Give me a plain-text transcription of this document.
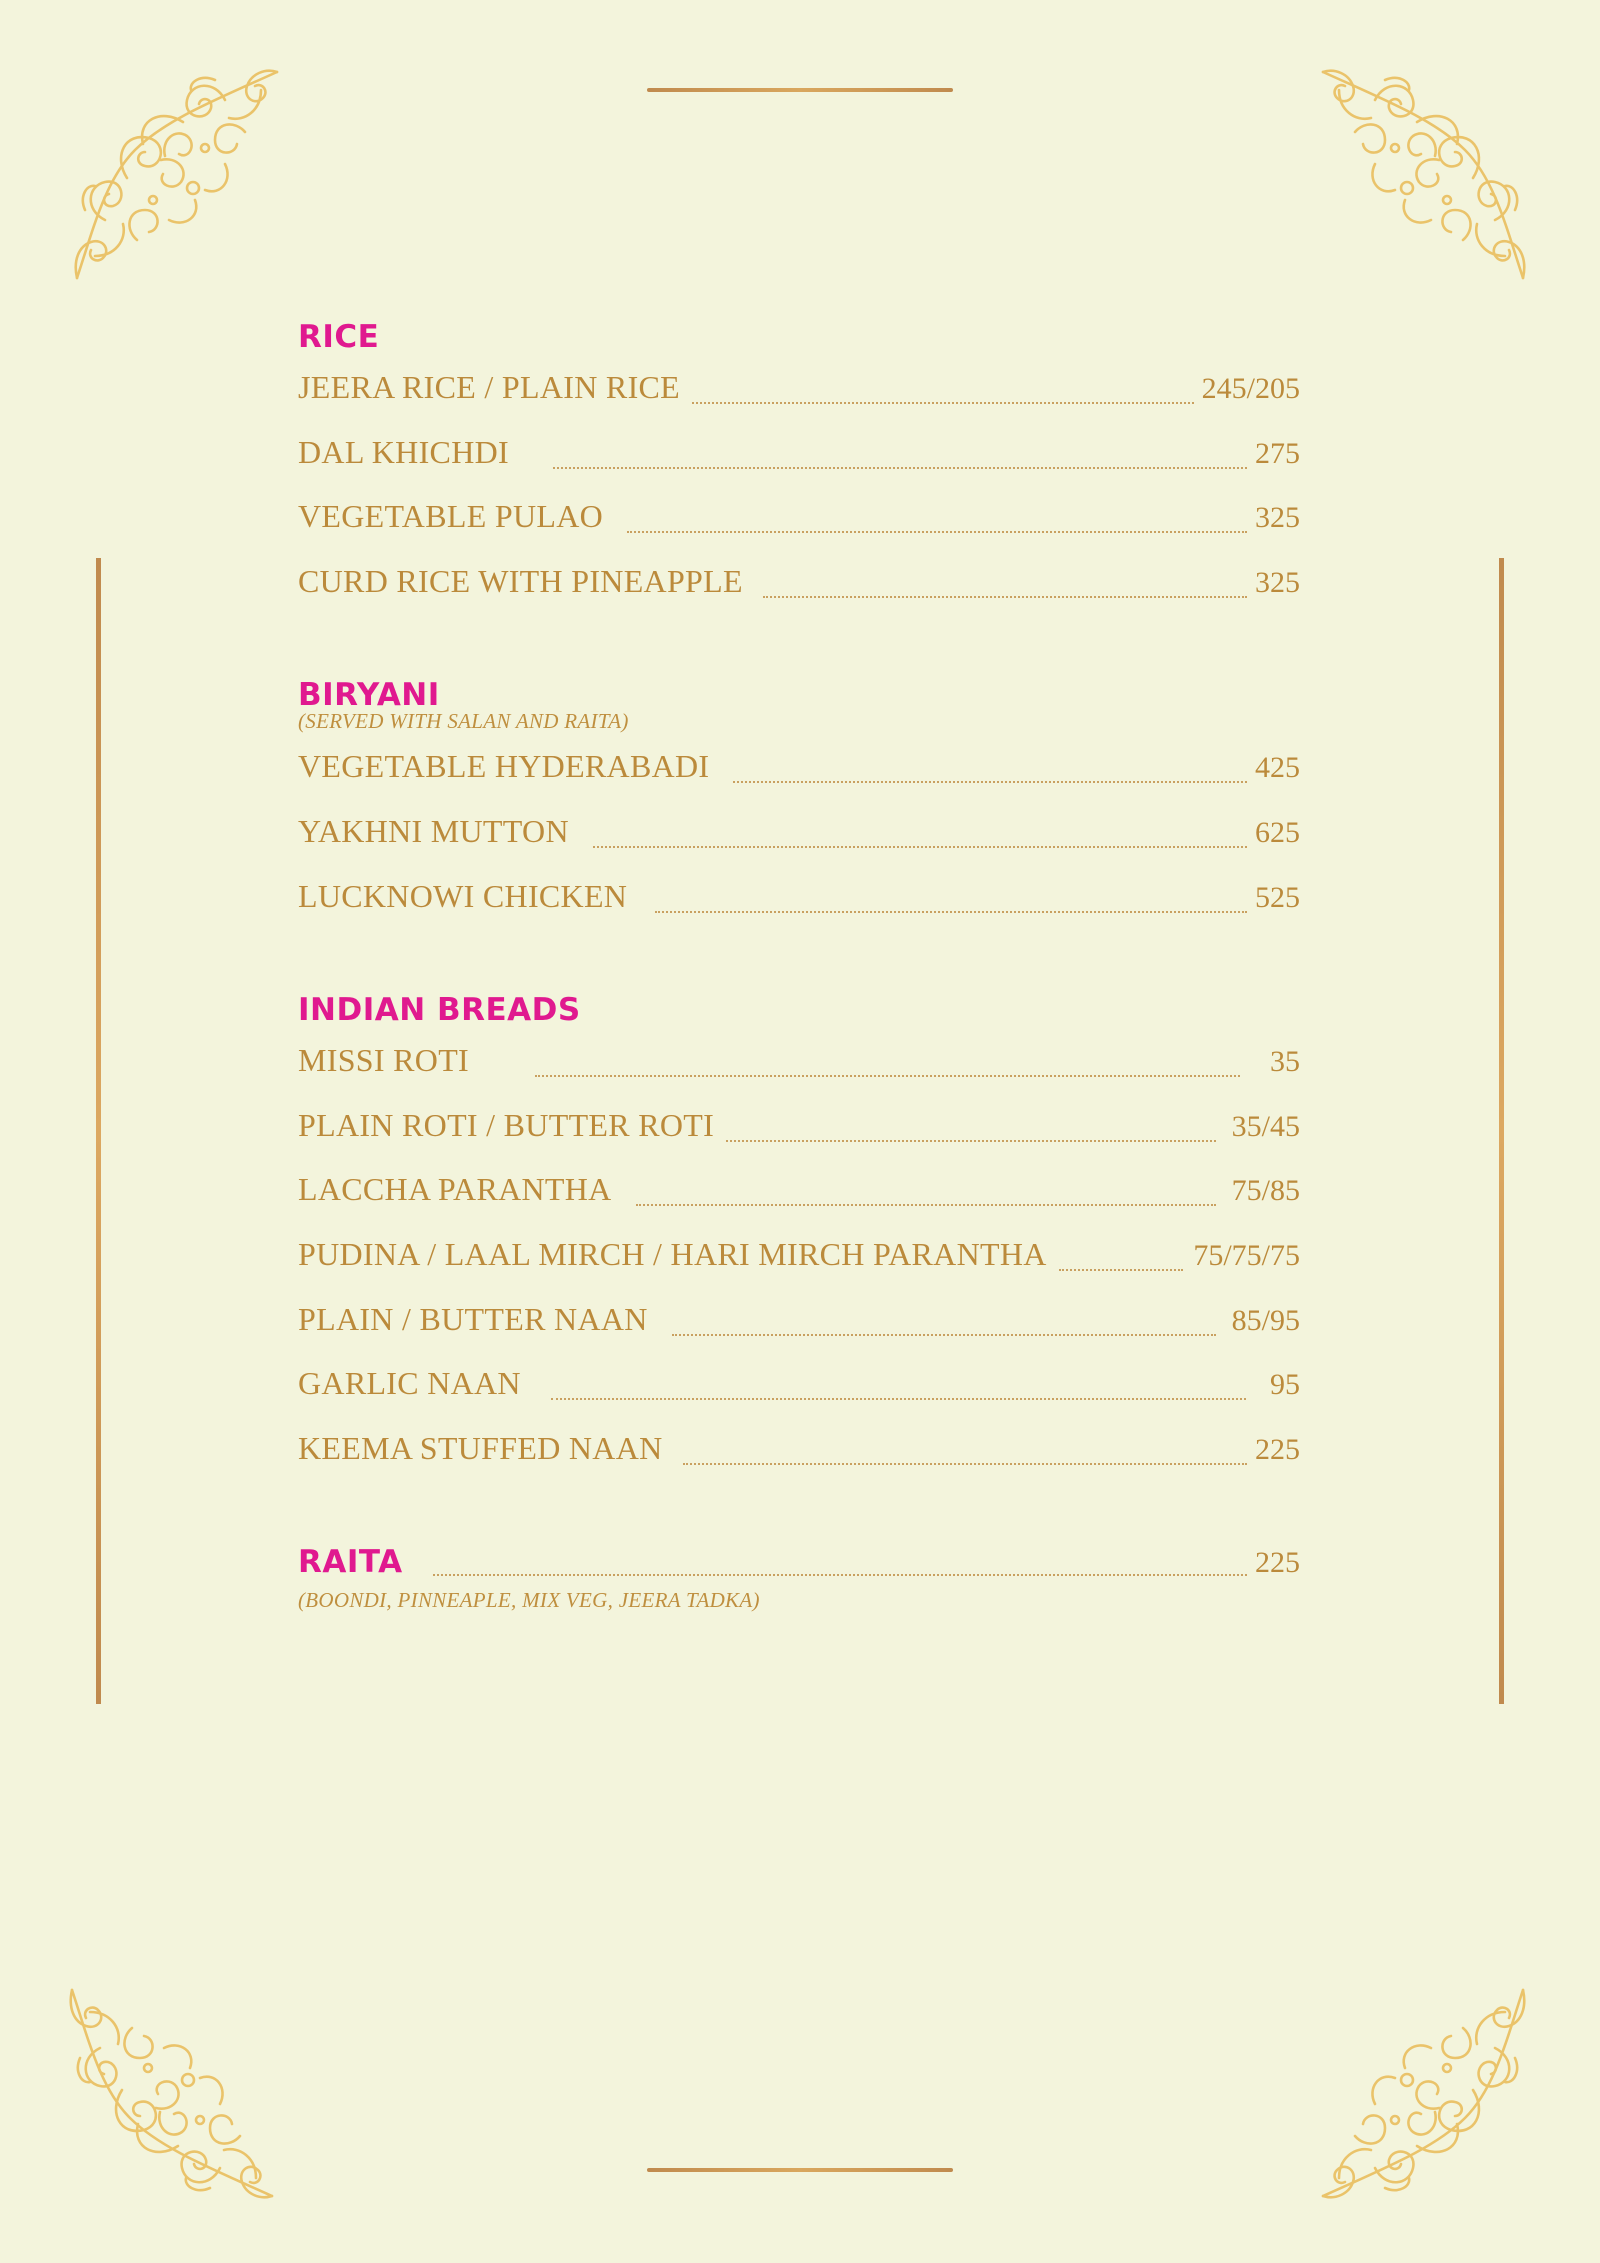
RICE
JEERA RICE / PLAIN RICE	245/205
DAL KHICHDI	275
VEGETABLE PULAO	325
CURD RICE WITH PINEAPPLE	325
BIRYANI
(SERVED WITH SALAN AND RAITA)
VEGETABLE HYDERABADI	425
YAKHNI MUTTON	625
LUCKNOWI CHICKEN	525
INDIAN BREADS
MISSI ROTI	35
PLAIN ROTI / BUTTER ROTI	35/45
LACCHA PARANTHA	75/85
PUDINA / LAAL MIRCH / HARI MIRCH PARANTHA	75/75/75
PLAIN / BUTTER NAAN	85/95
GARLIC NAAN	95
KEEMA STUFFED NAAN	225
RAITA	225
(BOONDI, PINNEAPLE, MIX VEG, JEERA TADKA)
